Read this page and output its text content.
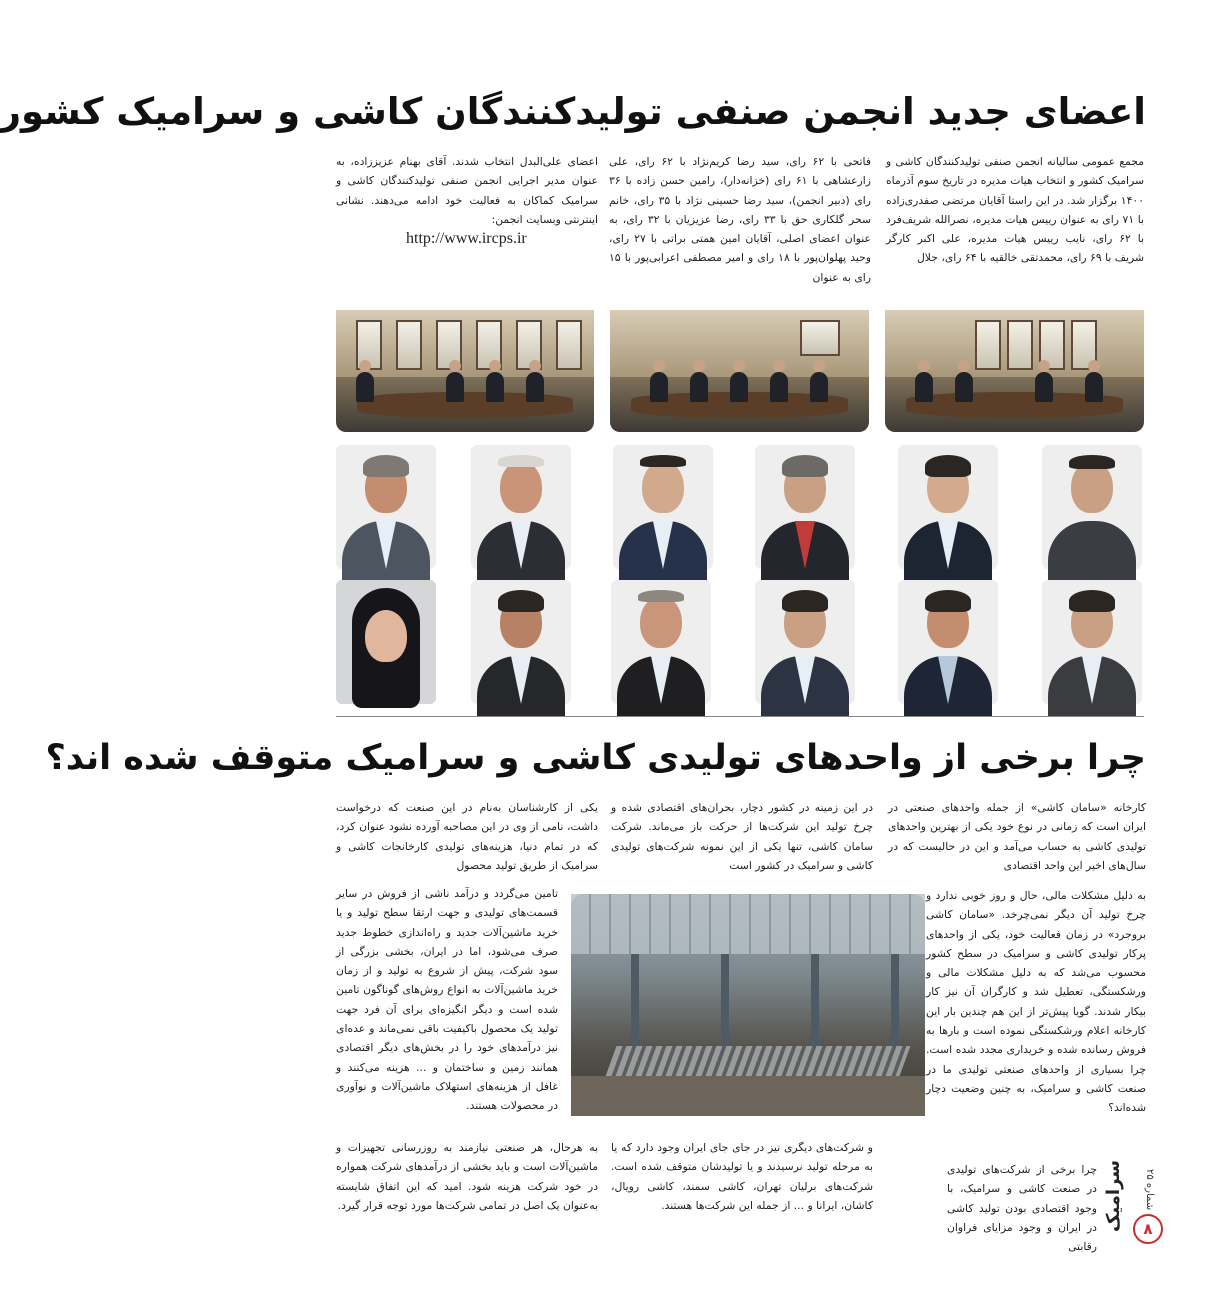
اعضای جدید انجمن صنفی تولیدکنندگان کاشی و سرامیک کشور

مجمع عمومی سالیانه انجمن صنفی تولیدکنندگان کاشی و سرامیک کشور و انتخاب هیات مدیره در تاریخ سوم آذرماه ۱۴۰۰ برگزار شد. در این راستا آقایان مرتضی صفدری‌زاده با ۷۱ رای به عنوان رییس هیات مدیره، نصرالله شریف‌فرد با ۶۲ رای، نایب رییس هیات مدیره، علی اکبر کارگر شریف با ۶۹ رای، محمدتقی خالقیه با ۶۴ رای، جلال

فاتحی با ۶۲ رای، سید رضا کریم‌نژاد با ۶۲ رای، علی زارعشاهی با ۶۱ رای (خزانه‌دار)، رامین حسن زاده با ۳۶ رای (دبیر انجمن)، سید رضا حسینی نژاد با ۳۵ رای، خانم سحر گلکاری حق با ۳۳ رای، رضا عزیزیان با ۳۲ رای، به عنوان اعضای اصلی، آقایان امین همتی براتی با ۲۷ رای، وحید پهلوان‌پور با ۱۸ رای و امیر مصطفی اعرابی‌پور با ۱۵ رای به عنوان

اعضای علی‌البدل انتخاب شدند. آقای بهنام عزیززاده، به عنوان مدیر اجرایی انجمن صنفی تولیدکنندگان کاشی و سرامیک کماکان به فعالیت خود ادامه می‌دهند. نشانی اینترنتی وبسایت انجمن:

http://www.ircps.ir

چرا برخی از واحدهای تولیدی کاشی و سرامیک متوقف شده اند؟

کارخانه «سامان کاشی» از جمله واحدهای صنعتی در ایران است که زمانی در نوع خود یکی از بهترین واحدهای تولیدی کاشی به حساب می‌آمد و این در حالیست که در سال‌های اخیر این واحد اقتصادی

به دلیل مشکلات مالی، حال و روز خوبی ندارد و چرخ تولید آن دیگر نمی‌چرخد. «سامان کاشی بروجرد» در زمان فعالیت خود، یکی از واحدهای پرکار تولیدی کاشی و سرامیک در سطح کشور محسوب می‌شد که به دلیل مشکلات مالی و ورشکستگی، تعطیل شد و کارگران آن نیز کار بیکار شدند. گویا پیش‌تر از این هم چندین بار این کارخانه اعلام ورشکستگی نموده است و بارها به فروش رسانده شده و خریداری مجدد شده است. چرا بسیاری از واحدهای صنعتی تولیدی ما در صنعت کاشی و سرامیک، به چنین وضعیت دچار شده‌اند؟

چرا برخی از شرکت‌های تولیدی در صنعت کاشی و سرامیک، با وجود اقتصادی بودن تولید کاشی در ایران و وجود مزایای فراوان رقابتی

در این زمینه در کشور دچار، بحران‌های اقتصادی شده و چرخ تولید این شرکت‌ها از حرکت باز می‌ماند. شرکت سامان کاشی، تنها یکی از این نمونه شرکت‌های تولیدی کاشی و سرامیک در کشور است

و شرکت‌های دیگری نیز در جای جای ایران وجود دارد که یا به مرحله تولید نرسیدند و یا تولیدشان متوقف شده است. شرکت‌های برلیان تهران، کاشی سمند، کاشی رویال، کاشان، ایرانا و ... از جمله این شرکت‌ها هستند.

یکی از کارشناسان به‌نام در این صنعت که درخواست داشت، نامی از وی در این مصاحبه آورده نشود عنوان کرد، که در تمام دنیا، هزینه‌های تولیدی کارخانجات کاشی و سرامیک از طریق تولید محصول

تامین می‌گردد و درآمد ناشی از فروش در سایر قسمت‌های تولیدی و جهت ارتقا سطح تولید و یا خرید ماشین‌آلات جدید و راه‌اندازی خطوط جدید صرف می‌شود، اما در ایران، بخشی بزرگی از سود شرکت، پیش از شروع به تولید و از زمان خرید ماشین‌آلات به انواع روش‌های گوناگون تامین شده است و دیگر انگیزه‌ای برای آن فرد جهت تولید یک محصول باکیفیت باقی نمی‌ماند و عده‌ای نیز درآمدهای خود را در بخش‌های دیگر اقتصادی همانند زمین و ساختمان و ... هزینه می‌کنند و غافل از هزینه‌های استهلاک ماشین‌آلات و نوآوری در محصولات هستند.

به هرحال، هر صنعتی نیازمند به روزرسانی تجهیزات و ماشین‌آلات است و باید بخشی از درآمدهای شرکت همواره در خود شرکت هزینه شود. امید که این اتفاق شایسته به‌عنوان یک اصل در تمامی شرکت‌ها مورد توجه قرار گیرد.

شماره ۲۵
سرامیک	۸
